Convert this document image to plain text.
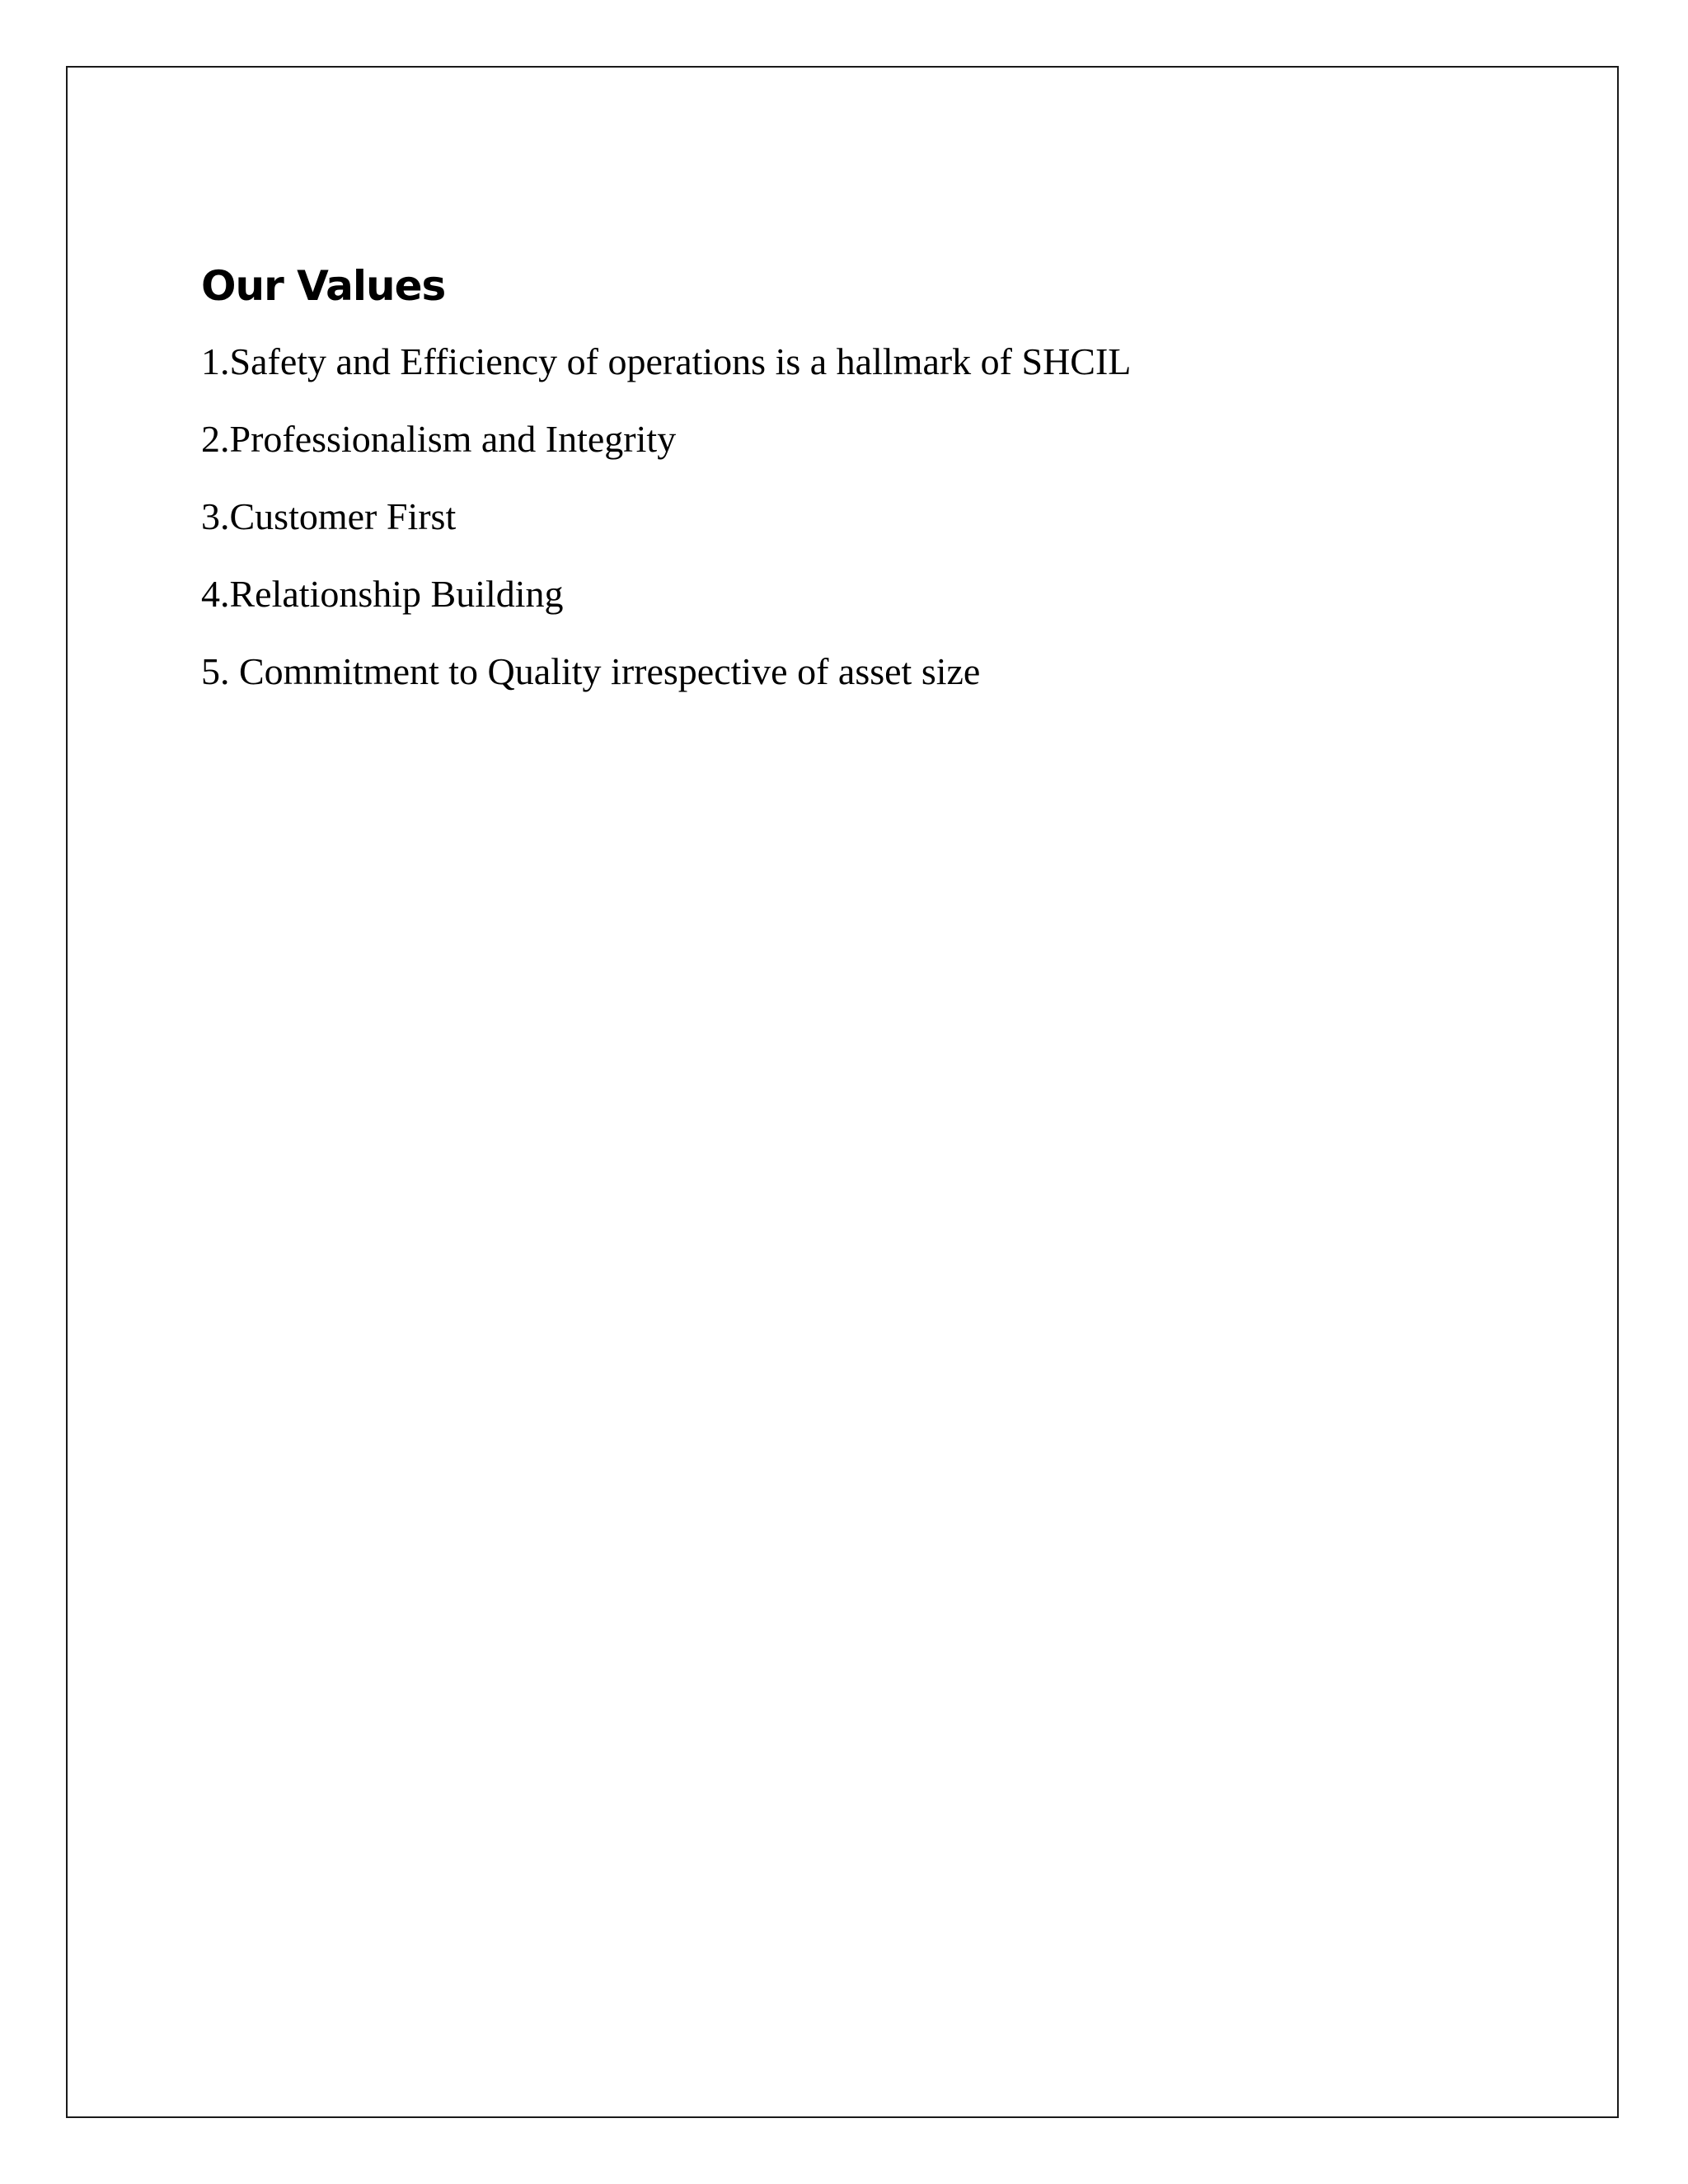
Our Values
1.Safety and Efficiency of operations is a hallmark of SHCIL
2.Professionalism and Integrity
3.Customer First
4.Relationship Building
5. Commitment to Quality irrespective of asset size
